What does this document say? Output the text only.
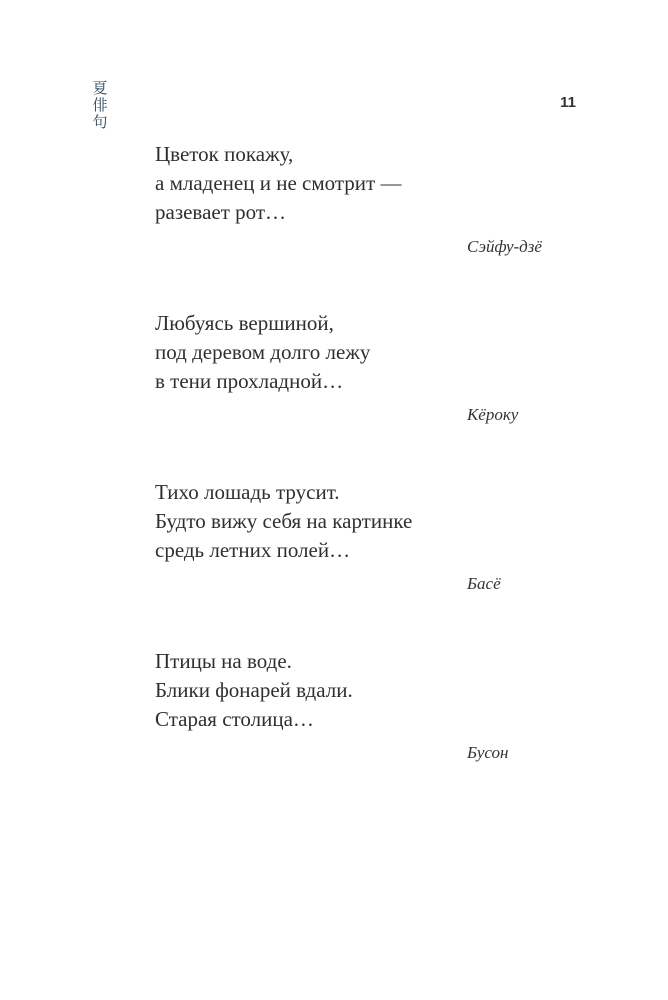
夏
俳
句
11
Цветок покажу,
а младенец и не смотрит —
разевает рот…
Сэйфу-дзё
Любуясь вершиной,
под деревом долго лежу
в тени прохладной…
Кёроку
Тихо лошадь трусит.
Будто вижу себя на картинке
средь летних полей…
Басё
Птицы на воде.
Блики фонарей вдали.
Старая столица…
Бусон
